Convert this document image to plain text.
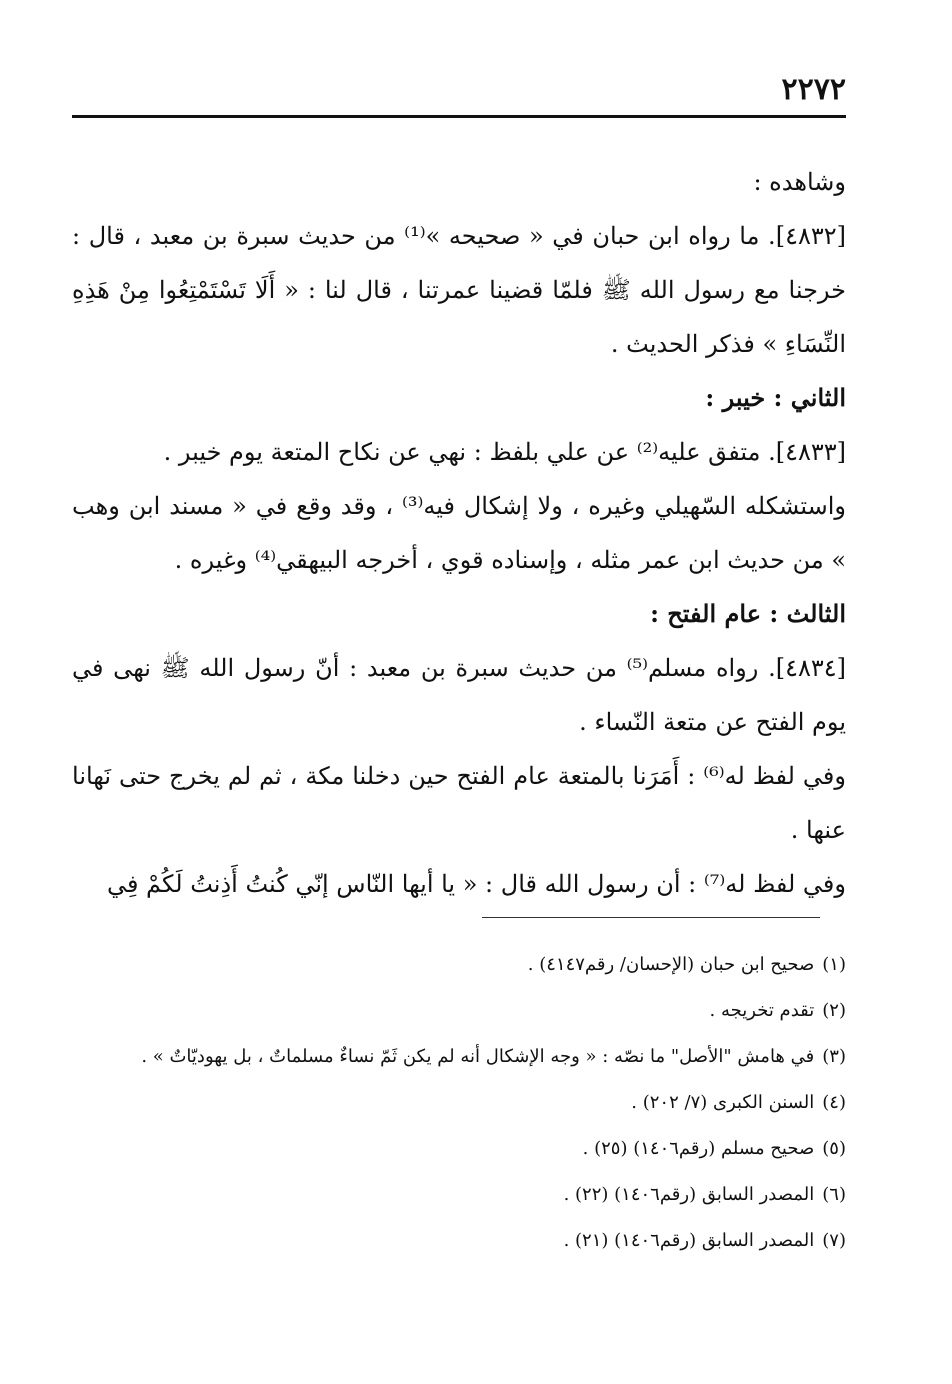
٢٢٧٢

وشاهده :

[٤٨٣٢]. ما رواه ابن حبان في « صحيحه »⁽¹⁾ من حديث سبرة بن معبد ، قال : خرجنا مع رسول الله ﷺ فلمّا قضينا عمرتنا ، قال لنا : « أَلَا تَسْتَمْتِعُوا مِنْ هَذِهِ النِّسَاءِ » فذكر الحديث .

الثاني : خيبر :

[٤٨٣٣]. متفق عليه⁽²⁾ عن علي بلفظ : نهي عن نكاح المتعة يوم خيبر .

واستشكله السّهيلي وغيره ، ولا إشكال فيه⁽³⁾ ، وقد وقع في « مسند ابن وهب » من حديث ابن عمر مثله ، وإسناده قوي ، أخرجه البيهقي⁽⁴⁾ وغيره .

الثالث : عام الفتح :

[٤٨٣٤]. رواه مسلم⁽⁵⁾ من حديث سبرة بن معبد : أنّ رسول الله ﷺ نهى في يوم الفتح عن متعة النّساء .

وفي لفظ له⁽⁶⁾ : أَمَرَنا بالمتعة عام الفتح حين دخلنا مكة ، ثم لم يخرج حتى نَهانا عنها .

وفي لفظ له⁽⁷⁾ : أن رسول الله قال : « يا أيها النّاس إنّي كُنتُ أَذِنتُ لَكُمْ فِي

(١)صحيح ابن حبان (الإحسان/ رقم٤١٤٧) .

(٢)تقدم تخريجه .

(٣)في هامش "الأصل" ما نصّه : « وجه الإشكال أنه لم يكن ثَمّ نساءٌ مسلماتٌ ، بل يهوديّاتٌ » .

(٤)السنن الكبرى (٧/ ٢٠٢) .

(٥)صحيح مسلم (رقم١٤٠٦) (٢٥) .

(٦)المصدر السابق (رقم١٤٠٦) (٢٢) .

(٧)المصدر السابق (رقم١٤٠٦) (٢١) .
